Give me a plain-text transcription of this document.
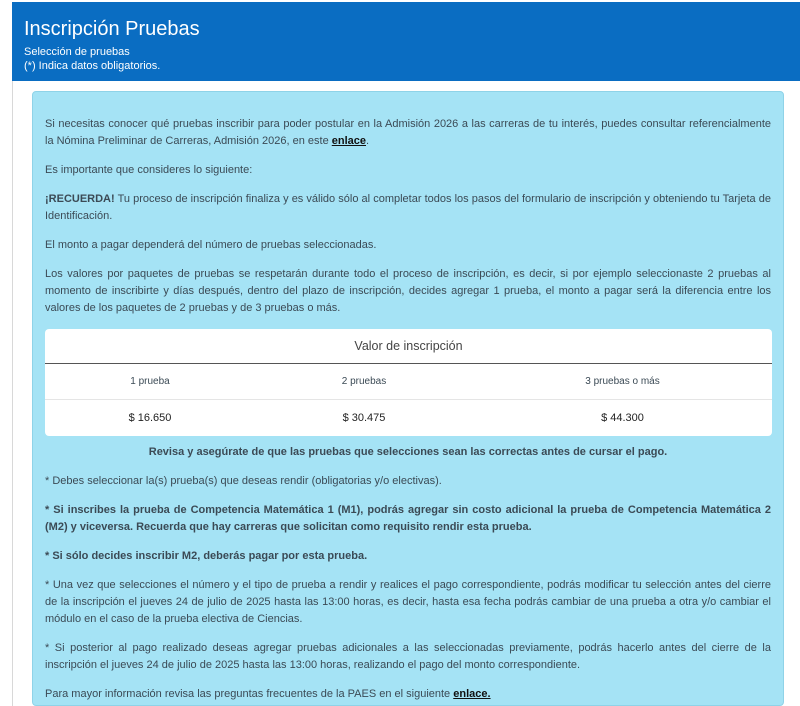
Inscripción Pruebas
Selección de pruebas
(*) Indica datos obligatorios.

Si necesitas conocer qué pruebas inscribir para poder postular en la Admisión 2026 a las carreras de tu interés, puedes consultar referencialmente la Nómina Preliminar de Carreras, Admisión 2026, en este enlace.

Es importante que consideres lo siguiente:

¡RECUERDA! Tu proceso de inscripción finaliza y es válido sólo al completar todos los pasos del formulario de inscripción y obteniendo tu Tarjeta de Identificación.

El monto a pagar dependerá del número de pruebas seleccionadas.

Los valores por paquetes de pruebas se respetarán durante todo el proceso de inscripción, es decir, si por ejemplo seleccionaste 2 pruebas al momento de inscribirte y días después, dentro del plazo de inscripción, decides agregar 1 prueba, el monto a pagar será la diferencia entre los valores de los paquetes de 2 pruebas y de 3 pruebas o más.

Valor de inscripción
1 prueba	2 pruebas	3 pruebas o más
$ 16.650	$ 30.475	$ 44.300

Revisa y asegúrate de que las pruebas que selecciones sean las correctas antes de cursar el pago.

* Debes seleccionar la(s) prueba(s) que deseas rendir (obligatorias y/o electivas).

* Si inscribes la prueba de Competencia Matemática 1 (M1), podrás agregar sin costo adicional la prueba de Competencia Matemática 2 (M2) y viceversa. Recuerda que hay carreras que solicitan como requisito rendir esta prueba.

* Si sólo decides inscribir M2, deberás pagar por esta prueba.

* Una vez que selecciones el número y el tipo de prueba a rendir y realices el pago correspondiente, podrás modificar tu selección antes del cierre de la inscripción el jueves 24 de julio de 2025 hasta las 13:00 horas, es decir, hasta esa fecha podrás cambiar de una prueba a otra y/o cambiar el módulo en el caso de la prueba electiva de Ciencias.

* Si posterior al pago realizado deseas agregar pruebas adicionales a las seleccionadas previamente, podrás hacerlo antes del cierre de la inscripción el jueves 24 de julio de 2025 hasta las 13:00 horas, realizando el pago del monto correspondiente.

Para mayor información revisa las preguntas frecuentes de la PAES en el siguiente enlace.
